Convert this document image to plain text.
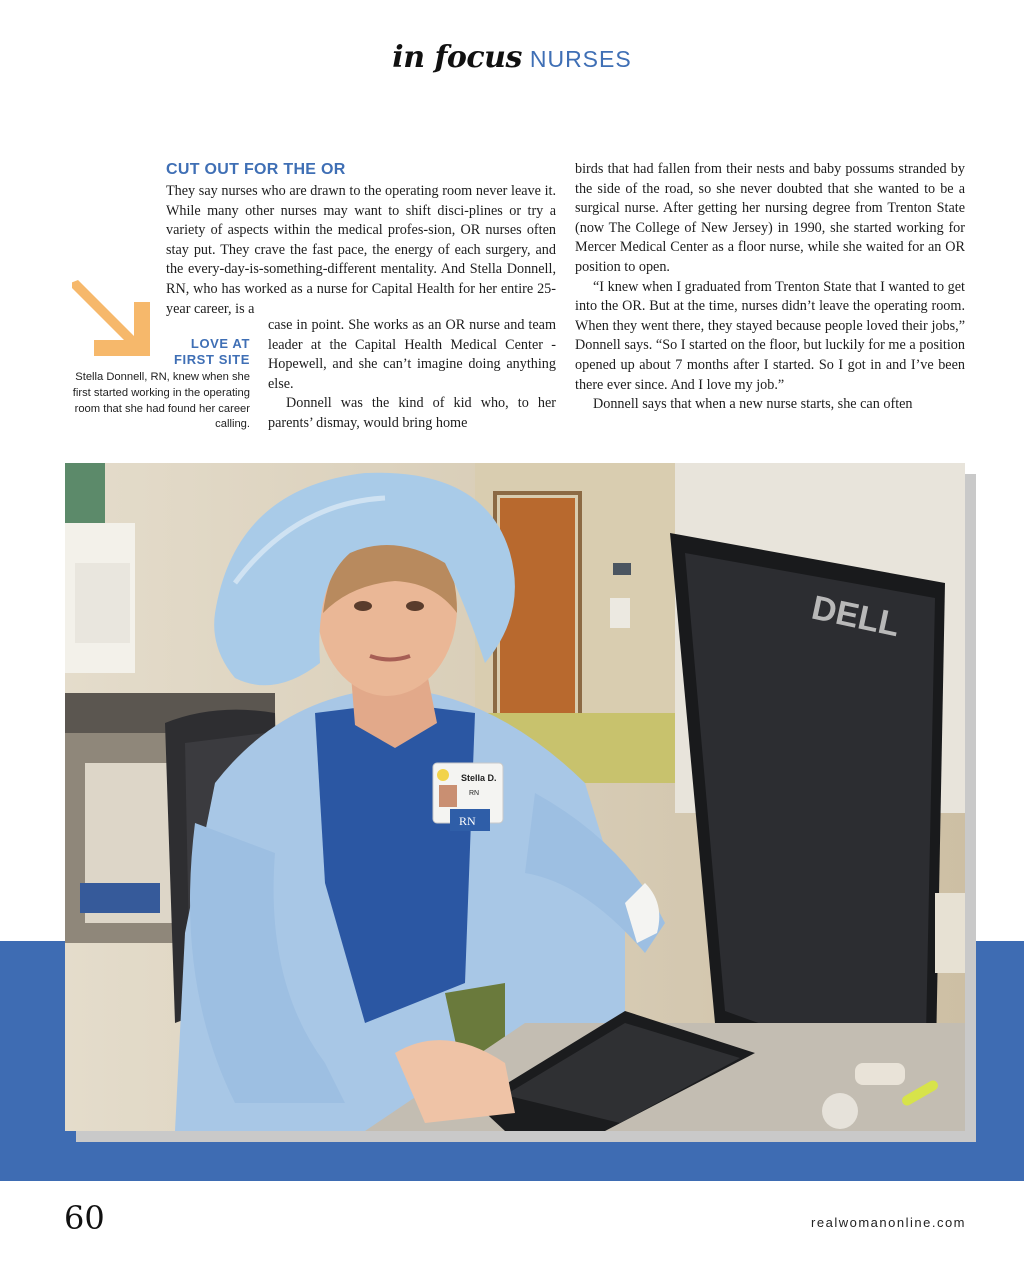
in focus NURSES
CUT OUT FOR THE OR

They say nurses who are drawn to the operating room never leave it. While many other nurses may want to shift disci-plines or try a variety of aspects within the medical profes-sion, OR nurses often stay put. They crave the fast pace, the energy of each surgery, and the every-day-is-something-different mentality. And Stella Donnell, RN, who has worked as a nurse for Capital Health for her entire 25-year career, is a

case in point. She works as an OR nurse and team leader at the Capital Health Medical Center - Hopewell, and she can’t imagine doing anything else.

Donnell was the kind of kid who, to her parents’ dismay, would bring home

birds that had fallen from their nests and baby possums stranded by the side of the road, so she never doubted that she wanted to be a surgical nurse. After getting her nursing degree from Trenton State (now The College of New Jersey) in 1990, she started working for Mercer Medical Center as a floor nurse, while she waited for an OR position to open.

“I knew when I graduated from Trenton State that I wanted to get into the OR. But at the time, nurses didn’t leave the operating room. When they went there, they stayed because people loved their jobs,” Donnell says. “So I started on the floor, but luckily for me a position opened up about 7 months after I started. So I got in and I’ve been there ever since. And I love my job.”

Donnell says that when a new nurse starts, she can often

LOVE AT
FIRST SITE
Stella Donnell, RN, knew when she first started working in the operating room that she had found her career calling.
Stella D.
RN
RN
DELL
60	realwomanonline.com
